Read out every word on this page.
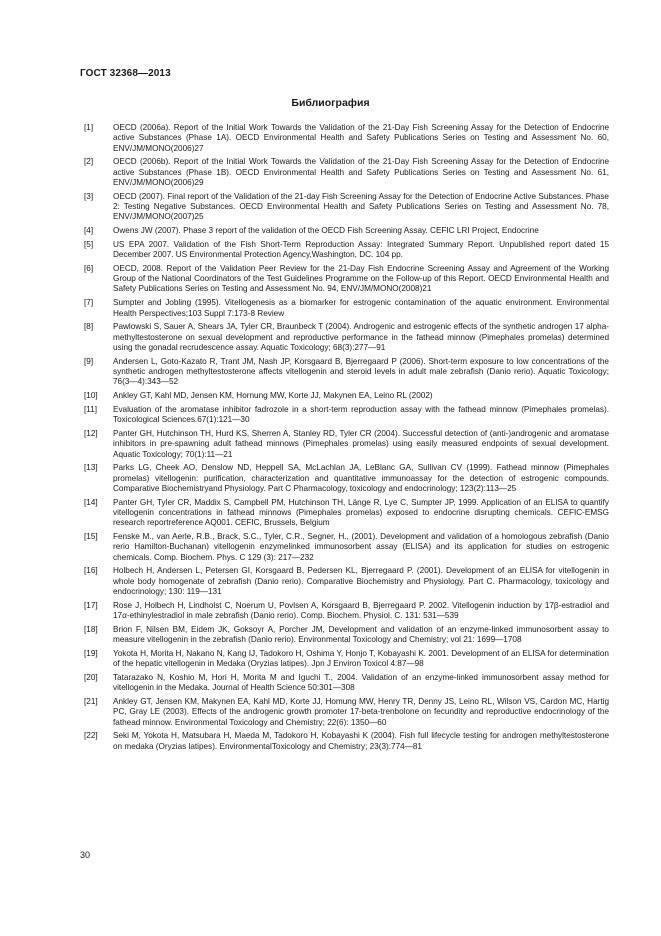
ГОСТ 32368—2013
Библиография
[1]	OECD (2006a). Report of the Initial Work Towards the Validation of the 21-Day Fish Screening Assay for the Detection of Endocrine active Substances (Phase 1A). OECD Environmental Health and Safety Publications Series on Testing and Assessment No. 60, ENV/JM/MONO(2006)27
[2]	OECD (2006b). Report of the Initial Work Towards the Validation of the 21-Day Fish Screening Assay for the Detection of Endocrine active Substances (Phase 1B). OECD Environmental Health and Safety Publications Series on Testing and Assessment No. 61, ENV/JM/MONO(2006)29
[3]	OECD (2007). Final report of the Validation of the 21-day Fish Screening Assay for the Detection of Endocrine Active Substances. Phase 2: Testing Negative Substances. OECD Environmental Health and Safety Publications Series on Testing and Assessment No. 78, ENV/JM/MONO(2007)25
[4]	Owens JW (2007). Phase 3 report of the validation of the OECD Fish Screening Assay. CEFIC LRI Project, Endocrine
[5]	US EPA 2007. Validation of the Fish Short-Term Reproduction Assay: Integrated Summary Report. Unpublished report dated 15 December 2007. US Environmental Protection Agency,Washington, DC. 104 pp.
[6]	OECD, 2008. Report of the Validation Peer Review for the 21-Day Fish Endocrine Screening Assay and Agreement of the Working Group of the National Coordinators of the Test Guidelines Programme on the Follow-up of this Report. OECD Environmental Health and Safety Publications Series on Testing and Assessment No. 94, ENV/JM/MONO(2008)21
[7]	Sumpter and Jobling (1995). Vitellogenesis as a biomarker for estrogenic contamination of the aquatic environment. Environmental Health Perspectives;103 Suppl 7:173-8 Review
[8]	Pawlowski S, Sauer A, Shears JA, Tyler CR, Braunbeck T (2004). Androgenic and estrogenic effects of the synthetic androgen 17 alpha-methyltestosterone on sexual development and reproductive performance in the fathead minnow (Pimephales promelas) determined using the gonadal recrudescence assay. Aquatic Toxicology; 68(3):277—91
[9]	Andersen L, Goto-Kazato R, Trant JM, Nash JP, Korsgaard B, Bjerregaard P (2006). Short-term exposure to low concentrations of the synthetic androgen methyltestosterone affects vitellogenin and steroid levels in adult male zebrafish (Danio rerio). Aquatic Toxicology; 76(3—4):343—52
[10]	Ankley GT, Kahl MD, Jensen KM, Hornung MW, Korte JJ, Makynen EA, Leino RL (2002)
[11]	Evaluation of the aromatase inhibitor fadrozole in a short-term reproduction assay with the fathead minnow (Pimephales promelas). Toxicological Sciences.67(1):121—30
[12]	Panter GH, Hutchinson TH, Hurd KS, Sherren A, Stanley RD, Tyler CR (2004). Successful detection of (anti-)androgenic and aromatase inhibitors in pre-spawning adult fathead minnows (Pimephales promelas) using easily measured endpoints of sexual development. Aquatic Toxicology; 70(1):11—21
[13]	Parks LG, Cheek AO, Denslow ND, Heppell SA, McLachlan JA, LeBlanc GA, Sullivan CV (1999). Fathead minnow (Pimephales promelas) vitellogenin: purification, characterization and quantitative immunoassay for the detection of estrogenic compounds. Comparative Biochemistryand Physiology. Part C Pharmacology, toxicology and endocrinology; 123(2):113—25
[14]	Panter GH, Tyler CR, Maddix S, Campbell PM, Hutchinson TH, Länge R, Lye C, Sumpter JP, 1999. Application of an ELISA to quantify vitellogenin concentrations in fathead minnows (Pimephales promelas) exposed to endocrine disrupting chemicals. CEFIC-EMSG research reportreference AQ001. CEFIC, Brussels, Belgium
[15]	Fenske M., van Aerle, R.B., Brack, S.C., Tyler, C.R., Segner, H., (2001). Development and validation of a homologous zebrafish (Danio rerio Hamilton-Buchanan) vitellogenin enzymelinked immunosorbent assay (ELISA) and its application for studies on estrogenic chemicals. Comp. Biochem. Phys. C 129 (3): 217—232
[16]	Holbech H, Andersen L, Petersen GI, Korsgaard B, Pedersen KL, Bjerregaard P. (2001). Development of an ELISA for vitellogenin in whole body homogenate of zebrafish (Danio rerio). Comparative Biochemistry and Physiology. Part C. Pharmacology, toxicology and endocrinology; 130: 119—131
[17]	Rose J, Holbech H, Lindholst C, Noerum U, Povlsen A, Korsgaard B, Bjerregaard P. 2002. Vitellogenin induction by 17β-estradiol and 17α-ethinylestradiol in male zebrafish (Danio rerio). Comp. Biochem. Physiol. C. 131: 531—539
[18]	Brion F, Nilsen BM, Eidem JK, Goksoyr A, Porcher JM, Development and validation of an enzyme-linked immunosorbent assay to measure vitellogenin in the zebrafish (Danio rerio). Environmental Toxicology and Chemistry; vol 21: 1699—1708
[19]	Yokota H, Morita H, Nakano N, Kang IJ, Tadokoro H, Oshima Y, Honjo T, Kobayashi K. 2001. Development of an ELISA for determination of the hepatic vitellogenin in Medaka (Oryzias latipes). Jpn J Environ Toxicol 4:87—98
[20]	Tatarazako N, Koshio M, Hori H, Morita M and Iguchi T., 2004. Validation of an enzyme-linked immunosorbent assay method for vitellogenin in the Medaka. Journal of Health Science 50:301—308
[21]	Ankley GT, Jensen KM, Makynen EA, Kahl MD, Korte JJ, Homung MW, Henry TR, Denny JS, Leino RL, Wilson VS, Cardon MC, Hartig PC, Gray LE (2003). Effects of the androgenic growth promoter 17-beta-trenbolone on fecundity and reproductive endocrinology of the fathead minnow. Environmental Toxicology and Chemistry; 22(6): 1350—60
[22]	Seki M, Yokota H, Matsubara H, Maeda M, Tadokoro H, Kobayashi K (2004). Fish full lifecycle testing for androgen methyltestosterone on medaka (Oryzias latipes). EnvironmentalToxicology and Chemistry; 23(3):774—81
30
